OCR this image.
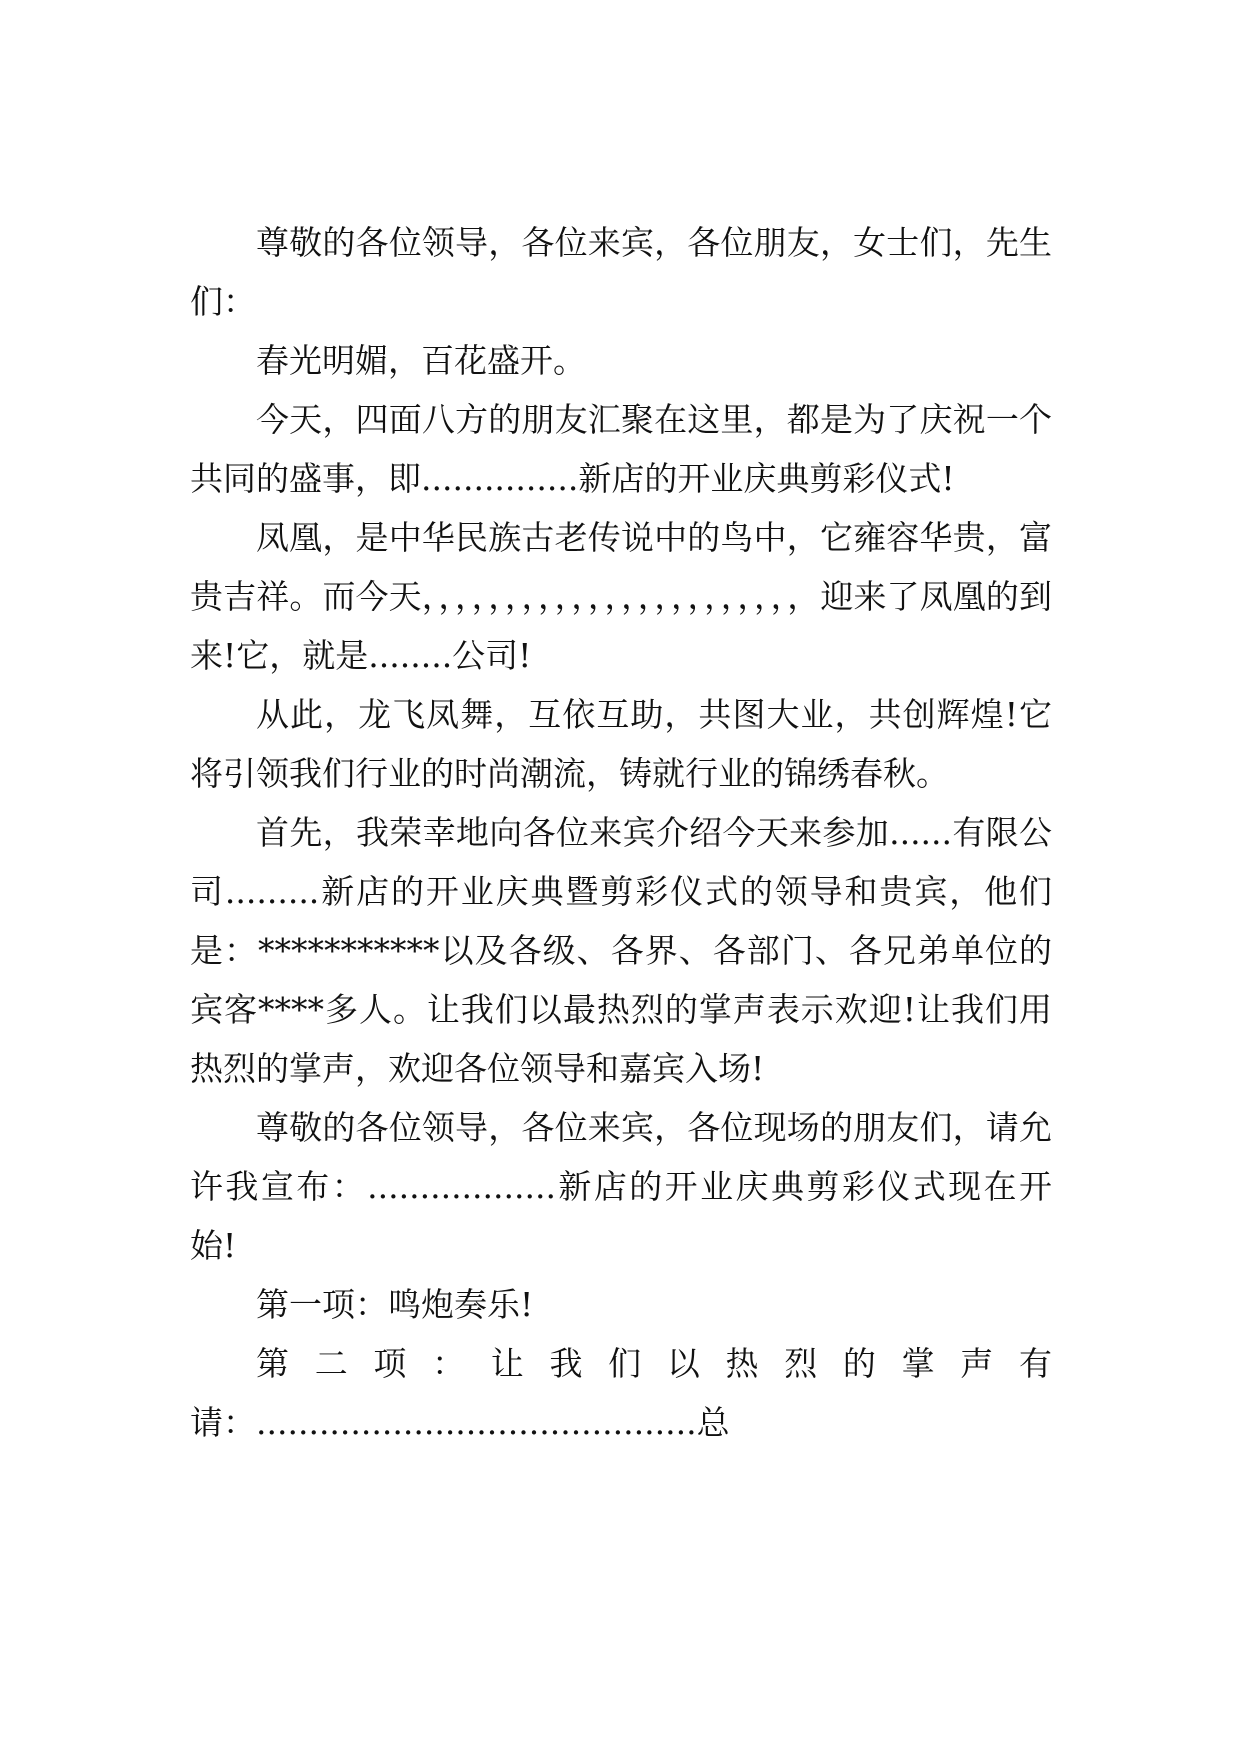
尊敬的各位领导，各位来宾，各位朋友，女士们，先生们：

春光明媚，百花盛开。

今天，四面八方的朋友汇聚在这里，都是为了庆祝一个共同的盛事，即...............新店的开业庆典剪彩仪式!

凤凰，是中华民族古老传说中的鸟中，它雍容华贵，富贵吉祥。而今天，，，，，，，，，，，，，，，，，，，，，，，迎来了凤凰的到来!它，就是........公司!

从此，龙飞凤舞，互依互助，共图大业，共创辉煌!它将引领我们行业的时尚潮流，铸就行业的锦绣春秋。

首先，我荣幸地向各位来宾介绍今天来参加......有限公司.........新店的开业庆典暨剪彩仪式的领导和贵宾，他们是：***********以及各级、各界、各部门、各兄弟单位的宾客****多人。让我们以最热烈的掌声表示欢迎!让我们用热烈的掌声，欢迎各位领导和嘉宾入场!

尊敬的各位领导，各位来宾，各位现场的朋友们，请允许我宣布：..................新店的开业庆典剪彩仪式现在开始!

第一项：鸣炮奏乐!

第二项：让我们以热烈的掌声有请：..........................................总
